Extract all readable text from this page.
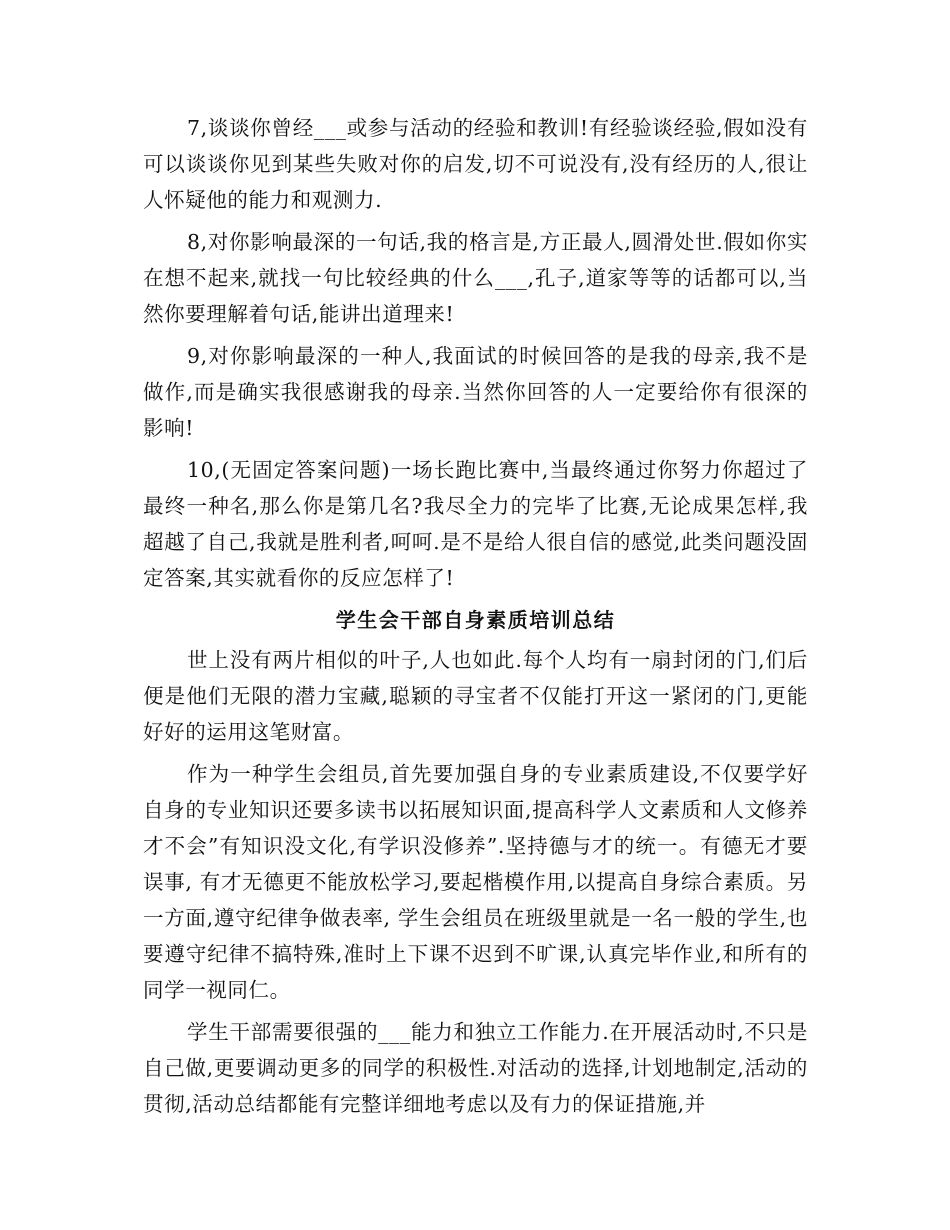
7,谈谈你曾经___或参与活动的经验和教训!有经验谈经验,假如没有可以谈谈你见到某些失败对你的启发,切不可说没有,没有经历的人,很让人怀疑他的能力和观测力.

8,对你影响最深的一句话,我的格言是,方正最人,圆滑处世.假如你实在想不起来,就找一句比较经典的什么___,孔子,道家等等的话都可以,当然你要理解着句话,能讲出道理来!

9,对你影响最深的一种人,我面试的时候回答的是我的母亲,我不是做作,而是确实我很感谢我的母亲.当然你回答的人一定要给你有很深的影响!

10,(无固定答案问题)一场长跑比赛中,当最终通过你努力你超过了最终一种名,那么你是第几名?我尽全力的完毕了比赛,无论成果怎样,我超越了自己,我就是胜利者,呵呵.是不是给人很自信的感觉,此类问题没固定答案,其实就看你的反应怎样了!

学生会干部自身素质培训总结

世上没有两片相似的叶子,人也如此.每个人均有一扇封闭的门,们后便是他们无限的潜力宝藏,聪颖的寻宝者不仅能打开这一紧闭的门,更能好好的运用这笔财富。

作为一种学生会组员,首先要加强自身的专业素质建设,不仅要学好自身的专业知识还要多读书以拓展知识面,提高科学人文素质和人文修养才不会”有知识没文化,有学识没修养”.坚持德与才的统一。有德无才要误事, 有才无德更不能放松学习,要起楷模作用,以提高自身综合素质。另一方面,遵守纪律争做表率, 学生会组员在班级里就是一名一般的学生,也要遵守纪律不搞特殊,准时上下课不迟到不旷课,认真完毕作业,和所有的同学一视同仁。

学生干部需要很强的___能力和独立工作能力.在开展活动时,不只是自己做,更要调动更多的同学的积极性.对活动的选择,计划地制定,活动的贯彻,活动总结都能有完整详细地考虑以及有力的保证措施,并
